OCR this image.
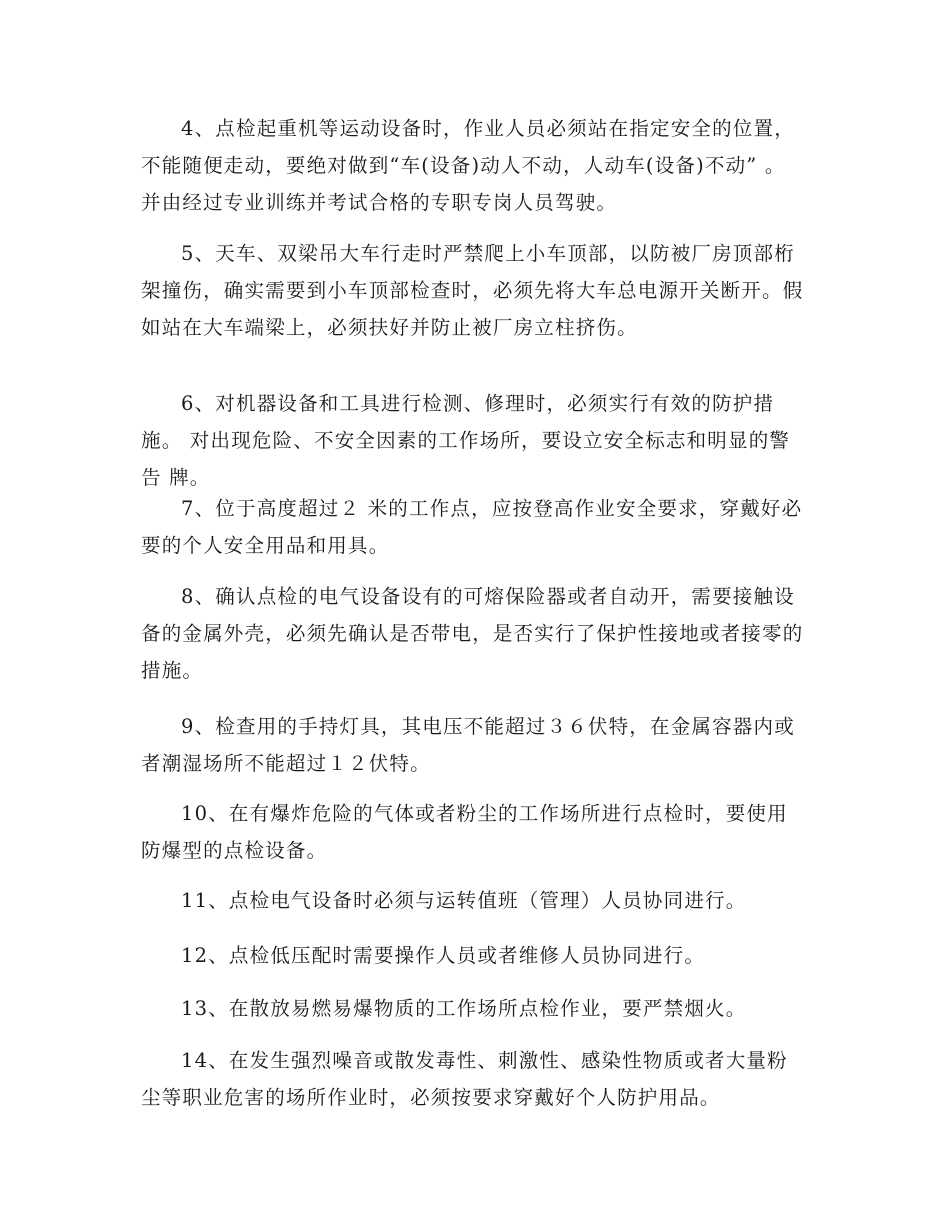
4、点检起重机等运动设备时，作业人员必须站在指定安全的位置，不能随便走动，要绝对做到“车(设备)动人不动，人动车(设备)不动” 。并由经过专业训练并考试合格的专职专岗人员驾驶。

5、天车、双梁吊大车行走时严禁爬上小车顶部，以防被厂房顶部桁架撞伤，确实需要到小车顶部检查时，必须先将大车总电源开关断开。假如站在大车端梁上，必须扶好并防止被厂房立柱挤伤。

6、对机器设备和工具进行检测、修理时，必须实行有效的防护措施。 对出现危险、不安全因素的工作场所，要设立安全标志和明显的警告 牌。

7、位于高度超过２ 米的工作点，应按登高作业安全要求，穿戴好必要的个人安全用品和用具。

8、确认点检的电气设备设有的可熔保险器或者自动开，需要接触设备的金属外壳，必须先确认是否带电，是否实行了保护性接地或者接零的措施。

9、检查用的手持灯具，其电压不能超过３６伏特，在金属容器内或者潮湿场所不能超过１２伏特。

10、在有爆炸危险的气体或者粉尘的工作场所进行点检时，要使用防爆型的点检设备。

11、点检电气设备时必须与运转值班（管理）人员协同进行。

12、点检低压配时需要操作人员或者维修人员协同进行。

13、在散放易燃易爆物质的工作场所点检作业，要严禁烟火。

14、在发生强烈噪音或散发毒性、刺激性、感染性物质或者大量粉尘等职业危害的场所作业时，必须按要求穿戴好个人防护用品。
